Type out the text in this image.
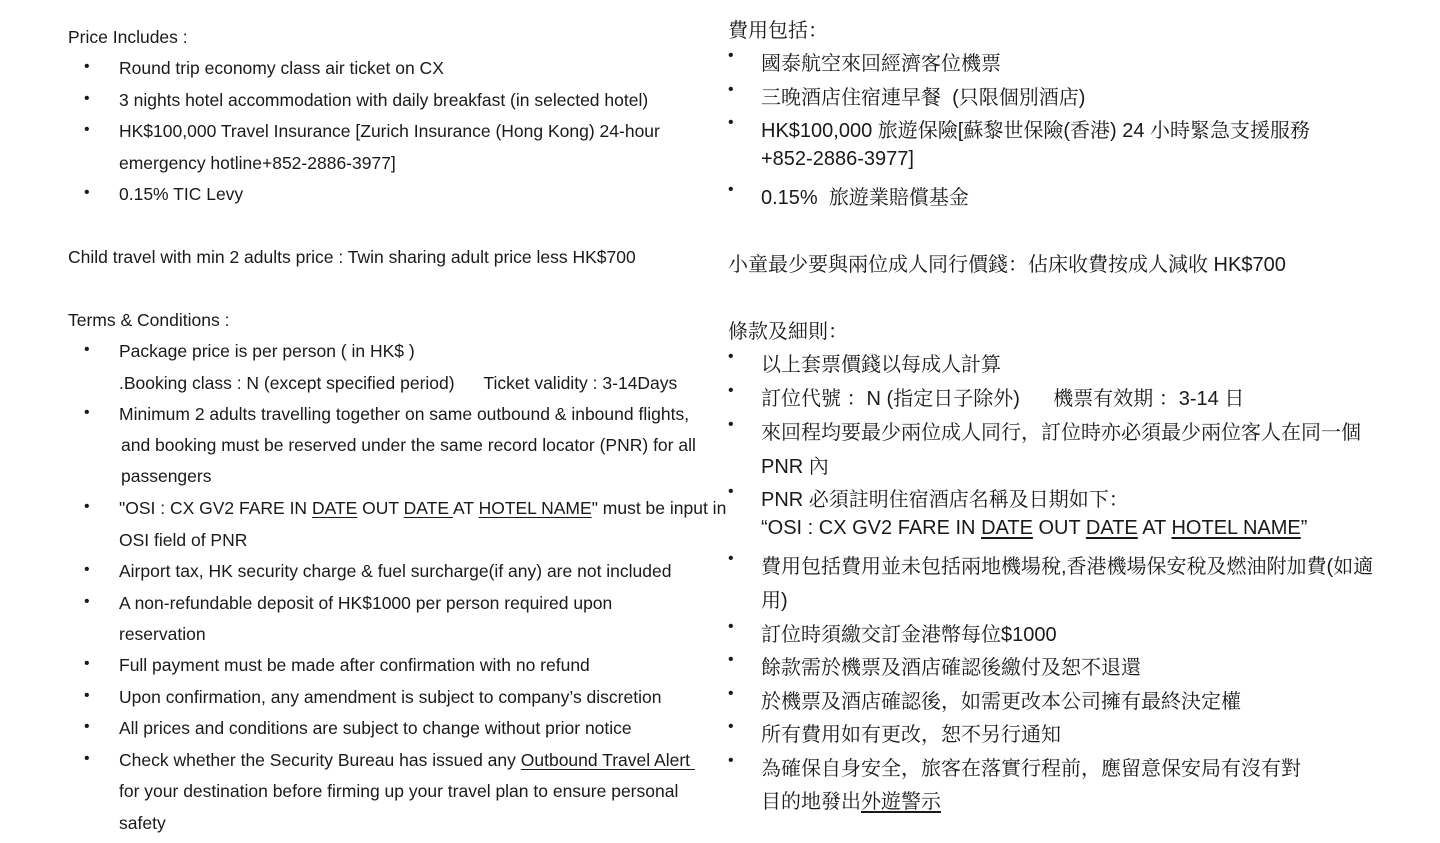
Price Includes :
• Round trip economy class air ticket on CX
• 3 nights hotel accommodation with daily breakfast (in selected hotel)
• HK$100,000 Travel Insurance [Zurich Insurance (Hong Kong) 24-hour
emergency hotline+852-2886-3977]
• 0.15% TIC Levy
Child travel with min 2 adults price : Twin sharing adult price less HK$700
Terms & Conditions :
• Package price is per person ( in HK$ )
.Booking class : N (except specified period)      Ticket validity : 3-14Days
• Minimum 2 adults travelling together on same outbound & inbound flights,
and booking must be reserved under the same record locator (PNR) for all
passengers
• "OSI : CX GV2 FARE IN DATE OUT DATE AT HOTEL NAME" must be input in
OSI field of PNR
• Airport tax, HK security charge & fuel surcharge(if any) are not included
• A non-refundable deposit of HK$1000 per person required upon
reservation
• Full payment must be made after confirmation with no refund
• Upon confirmation, any amendment is subject to company’s discretion
• All prices and conditions are subject to change without prior notice
• Check whether the Security Bureau has issued any Outbound Travel Alert
for your destination before firming up your travel plan to ensure personal
safety
費用包括：
• 國泰航空來回經濟客位機票
• 三晚酒店住宿連早餐  (只限個別酒店)
• HK$100,000 旅遊保險[蘇黎世保險(香港) 24 小時緊急支援服務
+852-2886-3977]
• 0.15%  旅遊業賠償基金
小童最少要與兩位成人同行價錢：佔床收費按成人減收 HK$700
條款及細則：
• 以上套票價錢以每成人計算
• 訂位代號 ：N (指定日子除外)      機票有效期 ：3-14 日
• 來回程均要最少兩位成人同行，訂位時亦必須最少兩位客人在同一個
PNR 內
• PNR 必須註明住宿酒店名稱及日期如下：
“OSI : CX GV2 FARE IN DATE OUT DATE AT HOTEL NAME”
• 費用包括費用並未包括兩地機場稅,香港機場保安稅及燃油附加費(如適
用)
• 訂位時須繳交訂金港幣每位$1000
• 餘款需於機票及酒店確認後繳付及恕不退還
• 於機票及酒店確認後，如需更改本公司擁有最終決定權
• 所有費用如有更改，恕不另行通知
• 為確保自身安全，旅客在落實行程前，應留意保安局有沒有對
目的地發出外遊警示
